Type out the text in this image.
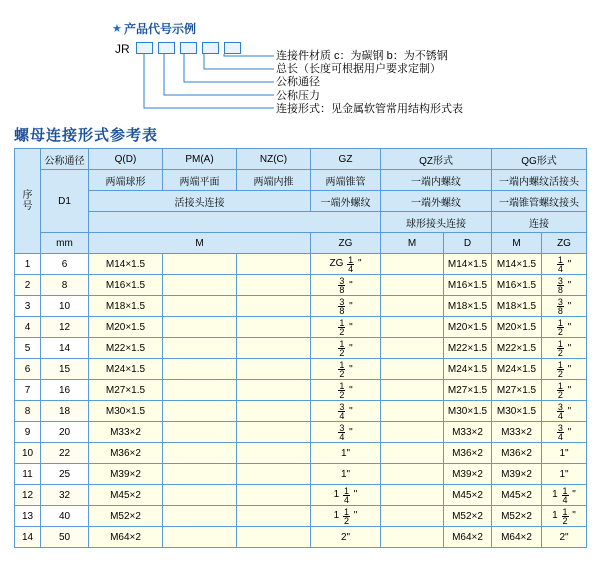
★ 产品代号示例
JR	连接件材质 c：为碳钢 b：为不锈钢
总长（长度可根据用户要求定制）
公称通径
公称压力
连接形式：见金属软管常用结构形式表
螺母连接形式参考表
序
号	公称通径	Q(D)	PM(A)	NZ(C)	GZ	QZ形式		QG形式	
	D1	两端球形	两端平面	两端内推	两端锥管	一端内螺纹		一端内螺纹活接头	
		活接头连接			一端外螺纹	一端外螺纹		一端锥管螺纹接头	
						球形接头连接		连接	
	mm	M			ZG	M	D	M	ZG
1	6	M14×1.5			ZG $\frac{1}{4}$ "		M14×1.5	M14×1.5	$\frac{1}{4}$ "
2	8	M16×1.5			$\frac{3}{8}$ "		M16×1.5	M16×1.5	$\frac{3}{8}$ "
3	10	M18×1.5			$\frac{3}{8}$ "		M18×1.5	M18×1.5	$\frac{3}{8}$ "
4	12	M20×1.5			$\frac{1}{2}$ "		M20×1.5	M20×1.5	$\frac{1}{2}$ "
5	14	M22×1.5			$\frac{1}{2}$ "		M22×1.5	M22×1.5	$\frac{1}{2}$ "
6	15	M24×1.5			$\frac{1}{2}$ "		M24×1.5	M24×1.5	$\frac{1}{2}$ "
7	16	M27×1.5			$\frac{1}{2}$ "		M27×1.5	M27×1.5	$\frac{1}{2}$ "
8	18	M30×1.5			$\frac{3}{4}$ "		M30×1.5	M30×1.5	$\frac{3}{4}$ "
9	20	M33×2			$\frac{3}{4}$ "		M33×2	M33×2	$\frac{3}{4}$ "
10	22	M36×2			1"		M36×2	M36×2	1"
11	25	M39×2			1"		M39×2	M39×2	1"
12	32	M45×2			$1 \frac{1}{4}$ "		M45×2	M45×2	$1 \frac{1}{4}$ "
13	40	M52×2			$1 \frac{1}{2}$ "		M52×2	M52×2	$1 \frac{1}{2}$ "
14	50	M64×2			2"		M64×2	M64×2	2"
